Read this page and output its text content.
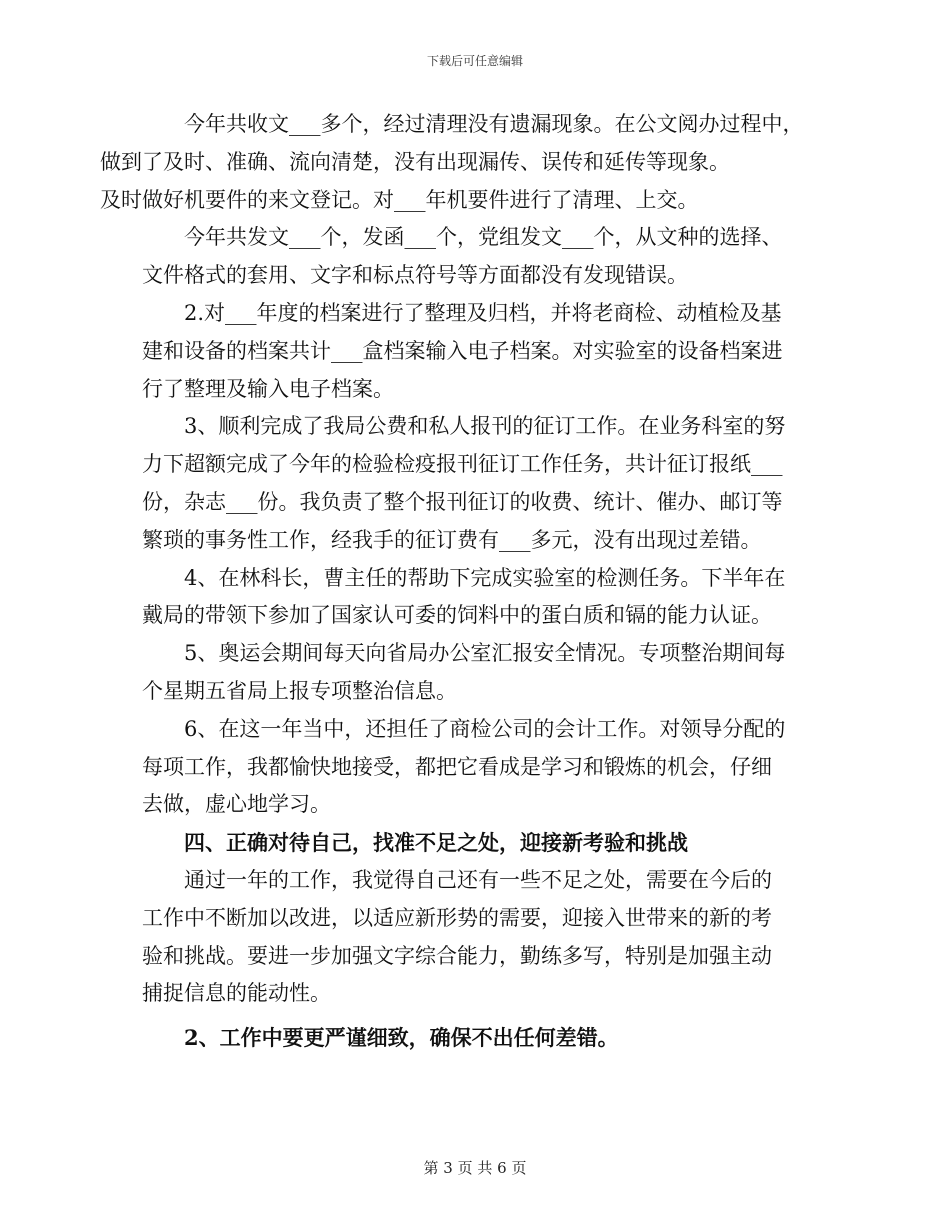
下载后可任意编辑

今年共收文___多个，经过清理没有遗漏现象。在公文阅办过程中，
做到了及时、准确、流向清楚，没有出现漏传、误传和延传等现象。
及时做好机要件的来文登记。对___年机要件进行了清理、上交。

今年共发文___个，发函___个，党组发文___个，从文种的选择、
文件格式的套用、文字和标点符号等方面都没有发现错误。

2.对___年度的档案进行了整理及归档，并将老商检、动植检及基
建和设备的档案共计___盒档案输入电子档案。对实验室的设备档案进
行了整理及输入电子档案。

3、顺利完成了我局公费和私人报刊的征订工作。在业务科室的努
力下超额完成了今年的检验检疫报刊征订工作任务，共计征订报纸___
份，杂志___份。我负责了整个报刊征订的收费、统计、催办、邮订等
繁琐的事务性工作，经我手的征订费有___多元，没有出现过差错。

4、在林科长，曹主任的帮助下完成实验室的检测任务。下半年在
戴局的带领下参加了国家认可委的饲料中的蛋白质和镉的能力认证。

5、奥运会期间每天向省局办公室汇报安全情况。专项整治期间每
个星期五省局上报专项整治信息。

6、在这一年当中，还担任了商检公司的会计工作。对领导分配的
每项工作，我都愉快地接受，都把它看成是学习和锻炼的机会，仔细
去做，虚心地学习。

四、正确对待自己，找准不足之处，迎接新考验和挑战

通过一年的工作，我觉得自己还有一些不足之处，需要在今后的
工作中不断加以改进，以适应新形势的需要，迎接入世带来的新的考
验和挑战。要进一步加强文字综合能力，勤练多写，特别是加强主动
捕捉信息的能动性。

2、工作中要更严谨细致，确保不出任何差错。

第 3 页 共 6 页
